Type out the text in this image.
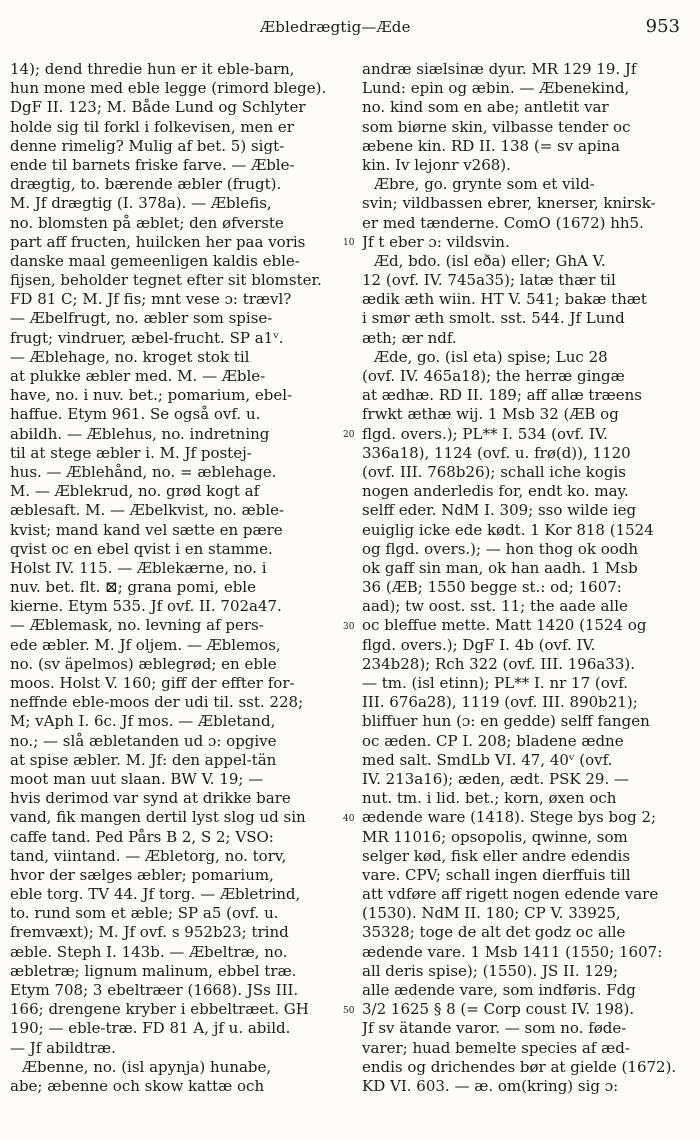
Æbledrægtig—Æde	953
14); dend thredie hun er it eble-barn,
hun mone med eble legge (rimord blege).
DgF II. 123; M. Både Lund og Schlyter
holde sig til forkl i folkevisen, men er
denne rimelig? Mulig af bet. 5) sigt-
ende til barnets friske farve. — Æble-
drægtig, to. bærende æbler (frugt).
M. Jf drægtig (I. 378a). — Æblefis,
no. blomsten på æblet; den øfverste
part aff fructen, huilcken her paa voris
danske maal gemeenligen kaldis eble-
fijsen, beholder tegnet efter sit blomster.
FD 81 C; M. Jf fis; mnt vese ɔ: trævl?
— Æbelfrugt, no. æbler som spise-
frugt; vindruer, æbel-frucht. SP a1ᵛ.
— Æblehage, no. kroget stok til
at plukke æbler med. M. — Æble-
have, no. i nuv. bet.; pomarium, ebel-
haffue. Etym 961. Se også ovf. u.
abildh. — Æblehus, no. indretning
til at stege æbler i. M. Jf postej-
hus. — Æblehånd, no. = æblehage.
M. — Æblekrud, no. grød kogt af
æblesaft. M. — Æbelkvist, no. æble-
kvist; mand kand vel sætte en pære
qvist oc en ebel qvist i en stamme.
Holst IV. 115. — Æblekærne, no. i
nuv. bet. flt. ⊠; grana pomi, eble
kierne. Etym 535. Jf ovf. II. 702a47.
— Æblemask, no. levning af pers-
ede æbler. M. Jf oljem. — Æblemos,
no. (sv äpelmos) æblegrød; en eble
moos. Holst V. 160; giff der effter for-
neffnde eble-moos der udi til. sst. 228;
M; vAph I. 6c. Jf mos. — Æbletand,
no.; — slå æbletanden ud ɔ: opgive
at spise æbler. M. Jf: den appel-tän
moot man uut slaan. BW V. 19; —
hvis derimod var synd at drikke bare
vand, fik mangen dertil lyst slog ud sin
caffe tand. Ped Pårs B 2, S 2; VSO:
tand, viintand. — Æbletorg, no. torv,
hvor der sælges æbler; pomarium,
eble torg. TV 44. Jf torg. — Æbletrind,
to. rund som et æble; SP a5 (ovf. u.
fremvæxt); M. Jf ovf. s 952b23; trind
æble. Steph I. 143b. — Æbeltræ, no.
æbletræ; lignum malinum, ebbel træ.
Etym 708; 3 ebeltræer (1668). JSs III.
166; drengene kryber i ebbeltræet. GH
190; — eble-træ. FD 81 A, jf u. abild.
— Jf abildtræ.
Æbenne, no. (isl apynja) hunabe,
abe; æbenne och skow kattæ och
10
20
30
40
50
andræ siælsinæ dyur. MR 129 19. Jf
Lund: epin og æbin. — Æbenekind,
no. kind som en abe; antletit var
som biørne skin, vilbasse tender oc
æbene kin. RD II. 138 (= sv apina
kin. Iv lejonr v268).
Æbre, go. grynte som et vild-
svin; vildbassen ebrer, knerser, knirsk-
er med tænderne. ComO (1672) hh5.
Jf t eber ɔ: vildsvin.
Æd, bdo. (isl eða) eller; GhA V.
12 (ovf. IV. 745a35); latæ thær til
ædik æth wiin. HT V. 541; bakæ thæt
i smør æth smolt. sst. 544. Jf Lund
æth; ær ndf.
Æde, go. (isl eta) spise; Luc 28
(ovf. IV. 465a18); the herræ gingæ
at ædhæ. RD II. 189; aff allæ træens
frwkt æthæ wij. 1 Msb 32 (ÆB og
flgd. overs.); PL** I. 534 (ovf. IV.
336a18), 1124 (ovf. u. frø(d)), 1120
(ovf. III. 768b26); schall iche kogis
nogen anderledis for, endt ko. may.
selff eder. NdM I. 309; sso wilde ieg
euiglig icke ede kødt. 1 Kor 818 (1524
og flgd. overs.); — hon thog ok oodh
ok gaff sin man, ok han aadh. 1 Msb
36 (ÆB; 1550 begge st.: od; 1607:
aad); tw oost. sst. 11; the aade alle
oc bleffue mette. Matt 1420 (1524 og
flgd. overs.); DgF I. 4b (ovf. IV.
234b28); Rch 322 (ovf. III. 196a33).
— tm. (isl etinn); PL** I. nr 17 (ovf.
III. 676a28), 1119 (ovf. III. 890b21);
bliffuer hun (ɔ: en gedde) selff fangen
oc æden. CP I. 208; bladene ædne
med salt. SmdLb VI. 47, 40ᵛ (ovf.
IV. 213a16); æden, ædt. PSK 29. —
nut. tm. i lid. bet.; korn, øxen och
ædende ware (1418). Stege bys bog 2;
MR 11016; opsopolis, qwinne, som
selger kød, fisk eller andre edendis
vare. CPV; schall ingen dierffuis till
att vdføre aff rigett nogen edende vare
(1530). NdM II. 180; CP V. 33925,
35328; toge de alt det godz oc alle
ædende vare. 1 Msb 1411 (1550; 1607:
all deris spise); (1550). JS II. 129;
alle ædende vare, som indføris. Fdg
3/2 1625 § 8 (= Corp coust IV. 198).
Jf sv ätande varor. — som no. føde-
varer; huad bemelte species af æd-
endis og drichendes bør at gielde (1672).
KD VI. 603. — æ. om(kring) sig ɔ:
